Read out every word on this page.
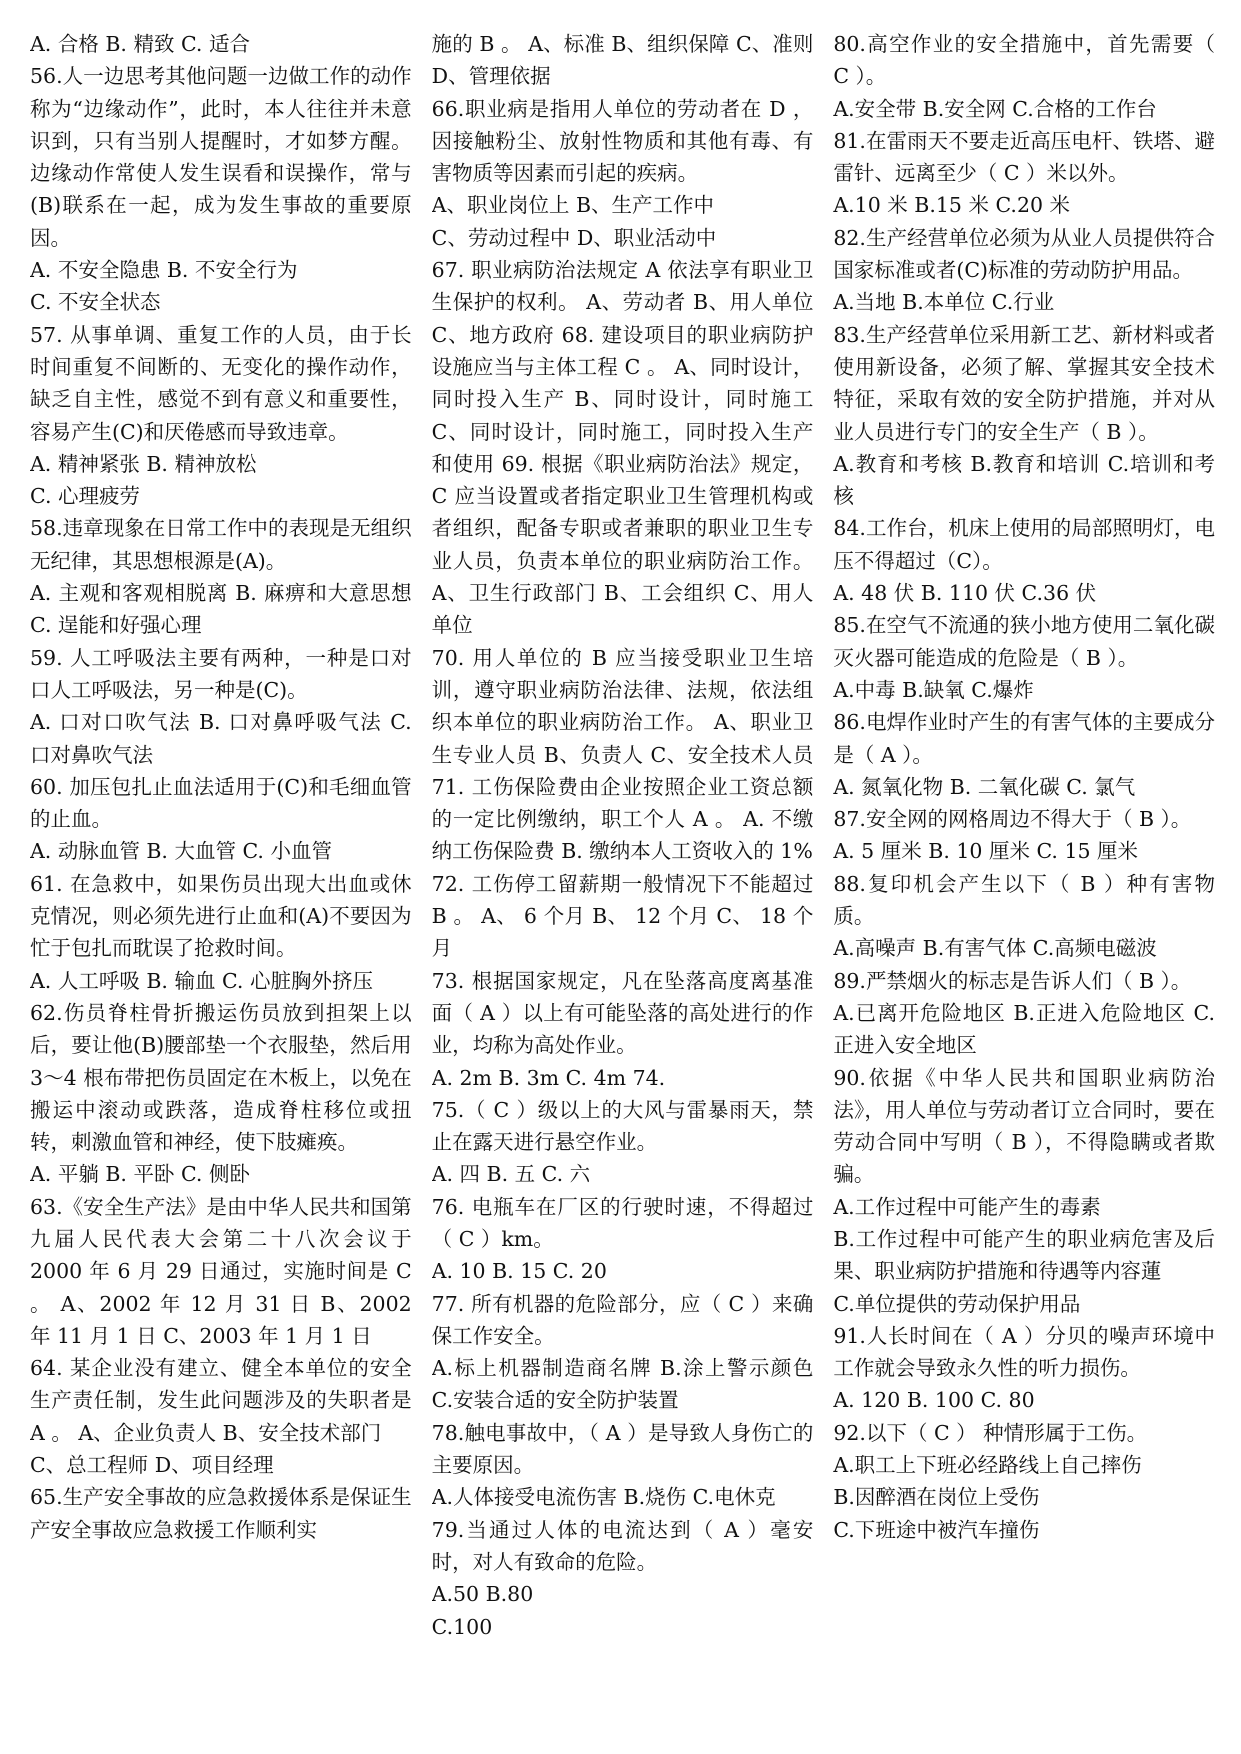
A. 合格 B. 精致 C. 适合

56.人一边思考其他问题一边做工作的动作称为“边缘动作”，此时，本人往往并未意识到，只有当别人提醒时，才如梦方醒。边缘动作常使人发生误看和误操作，常与(B)联系在一起，成为发生事故的重要原因。

A. 不安全隐患 B. 不安全行为

C. 不安全状态

57. 从事单调、重复工作的人员，由于长时间重复不间断的、无变化的操作动作，缺乏自主性，感觉不到有意义和重要性，容易产生(C)和厌倦感而导致违章。

A. 精神紧张 B. 精神放松

C. 心理疲劳

58.违章现象在日常工作中的表现是无组织无纪律，其思想根源是(A)。

A. 主观和客观相脱离 B. 麻痹和大意思想 C. 逞能和好强心理

59. 人工呼吸法主要有两种，一种是口对口人工呼吸法，另一种是(C)。

A. 口对口吹气法 B. 口对鼻呼吸气法 C. 口对鼻吹气法

60. 加压包扎止血法适用于(C)和毛细血管的止血。

A. 动脉血管 B. 大血管 C. 小血管

61. 在急救中，如果伤员出现大出血或休克情况，则必须先进行止血和(A)不要因为忙于包扎而耽误了抢救时间。

A. 人工呼吸 B. 输血 C. 心脏胸外挤压

62.伤员脊柱骨折搬运伤员放到担架上以后，要让他(B)腰部垫一个衣服垫，然后用 3～4 根布带把伤员固定在木板上，以免在搬运中滚动或跌落，造成脊柱移位或扭转，刺激血管和神经，使下肢瘫痪。

A. 平躺 B. 平卧 C. 侧卧

63.《安全生产法》是由中华人民共和国第九届人民代表大会第二十八次会议于 2000 年 6 月 29 日通过，实施时间是 C 。 A、2002 年 12 月 31 日 B、2002 年 11 月 1 日 C、2003 年 1 月 1 日

64. 某企业没有建立、健全本单位的安全生产责任制，发生此问题涉及的失职者是 A 。 A、企业负责人 B、安全技术部门

C、总工程师 D、项目经理

65.生产安全事故的应急救援体系是保证生产安全事故应急救援工作顺利实

施的 B 。 A、标准 B、组织保障 C、准则 D、管理依据

66.职业病是指用人单位的劳动者在 D ，因接触粉尘、放射性物质和其他有毒、有害物质等因素而引起的疾病。

A、职业岗位上 B、生产工作中

C、劳动过程中 D、职业活动中

67. 职业病防治法规定 A 依法享有职业卫生保护的权利。 A、劳动者 B、用人单位 C、地方政府 68. 建设项目的职业病防护设施应当与主体工程 C 。 A、同时设计，同时投入生产 B、同时设计，同时施工 C、同时设计，同时施工，同时投入生产和使用 69. 根据《职业病防治法》规定， C 应当设置或者指定职业卫生管理机构或者组织，配备专职或者兼职的职业卫生专业人员，负责本单位的职业病防治工作。 A、卫生行政部门 B、工会组织 C、用人单位

70. 用人单位的 B 应当接受职业卫生培训，遵守职业病防治法律、法规，依法组织本单位的职业病防治工作。 A、职业卫生专业人员 B、负责人 C、安全技术人员 71. 工伤保险费由企业按照企业工资总额的一定比例缴纳，职工个人 A 。 A. 不缴纳工伤保险费 B. 缴纳本人工资收入的 1%

72. 工伤停工留薪期一般情况下不能超过 B 。 A、 6 个月 B、 12 个月 C、 18 个月

73. 根据国家规定，凡在坠落高度离基准面（ A ）以上有可能坠落的高处进行的作业，均称为高处作业。

A. 2m B. 3m C. 4m 74.

75.（ C ）级以上的大风与雷暴雨天，禁止在露天进行悬空作业。

A. 四 B. 五 C. 六

76. 电瓶车在厂区的行驶时速，不得超过（ C ）km。

A. 10 B. 15 C. 20

77. 所有机器的危险部分，应（ C ）来确保工作安全。

A.标上机器制造商名牌 B.涂上警示颜色 C.安装合适的安全防护装置

78.触电事故中，（ A ）是导致人身伤亡的主要原因。

A.人体接受电流伤害 B.烧伤 C.电休克

79.当通过人体的电流达到（ A ）毫安时，对人有致命的危险。

A.50 B.80

C.100

80.高空作业的安全措施中，首先需要（ C ）。

A.安全带 B.安全网 C.合格的工作台

81.在雷雨天不要走近高压电杆、铁塔、避雷针、远离至少（ C ）米以外。

A.10 米 B.15 米 C.20 米

82.生产经营单位必须为从业人员提供符合国家标准或者(C)标准的劳动防护用品。

A.当地 B.本单位 C.行业

83.生产经营单位采用新工艺、新材料或者使用新设备，必须了解、掌握其安全技术特征，采取有效的安全防护措施，并对从业人员进行专门的安全生产（ B ）。

A.教育和考核 B.教育和培训 C.培训和考核

84.工作台，机床上使用的局部照明灯，电压不得超过（C）。

A. 48 伏 B. 110 伏 C.36 伏

85.在空气不流通的狭小地方使用二氧化碳灭火器可能造成的危险是（ B ）。

A.中毒 B.缺氧 C.爆炸

86.电焊作业时产生的有害气体的主要成分是（ A ）。

A. 氮氧化物 B. 二氧化碳 C. 氯气

87.安全网的网格周边不得大于（ B ）。

A. 5 厘米 B. 10 厘米 C. 15 厘米

88.复印机会产生以下（ B ）种有害物质。

A.高噪声 B.有害气体 C.高频电磁波

89.严禁烟火的标志是告诉人们（ B ）。

A.已离开危险地区 B.正进入危险地区 C.正进入安全地区

90.依据《中华人民共和国职业病防治法》，用人单位与劳动者订立合同时，要在劳动合同中写明（ B ），不得隐瞒或者欺骗。

A.工作过程中可能产生的毒素

B.工作过程中可能产生的职业病危害及后果、职业病防护措施和待遇等内容蓮

C.单位提供的劳动保护用品

91.人长时间在（ A ）分贝的噪声环境中工作就会导致永久性的听力损伤。

A. 120 B. 100 C. 80

92.以下（ C ） 种情形属于工伤。

A.职工上下班必经路线上自己摔伤

B.因醉酒在岗位上受伤

C.下班途中被汽车撞伤
